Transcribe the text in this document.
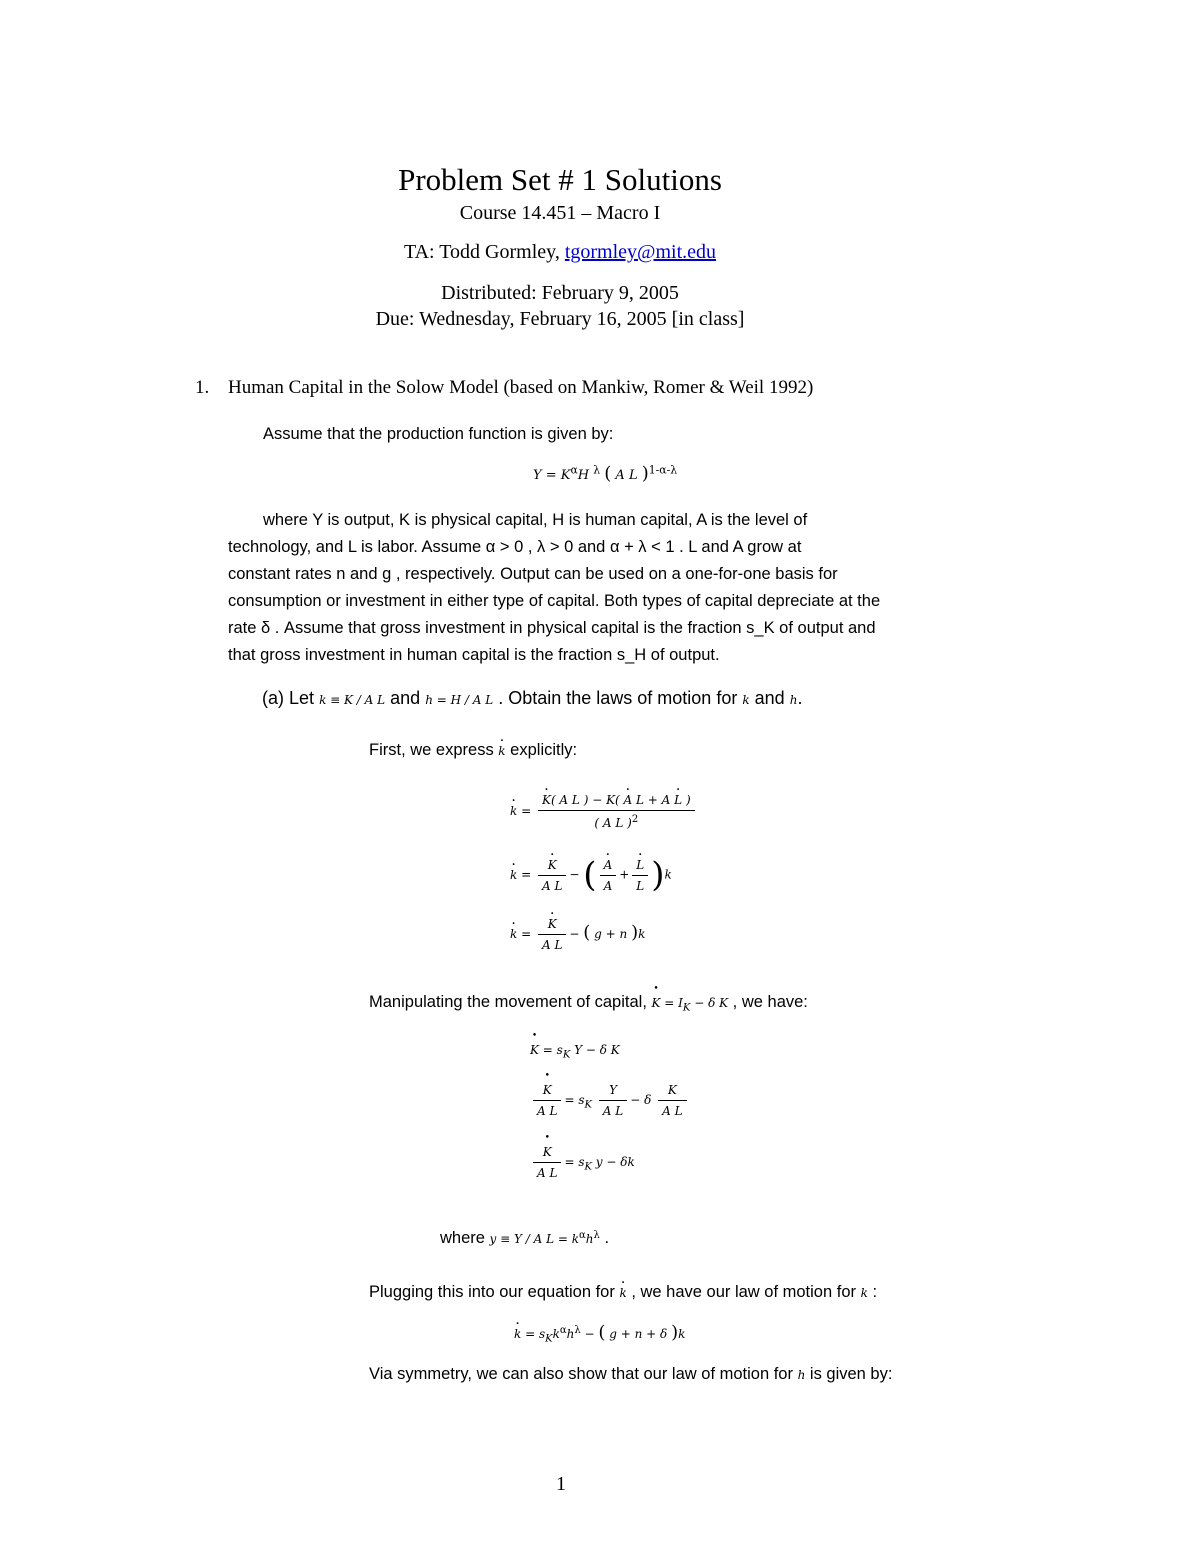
Problem Set # 1 Solutions
Course 14.451 – Macro I
TA: Todd Gormley, tgormley@mit.edu
Distributed: February 9, 2005
Due: Wednesday, February 16, 2005 [in class]
1. Human Capital in the Solow Model (based on Mankiw, Romer & Weil 1992)
Assume that the production function is given by:
$Y = K^\alpha H$ $^\lambda$ ( A L )$^{1-\alpha-\lambda}$
where Y is output, K is physical capital, H is human capital, A is the level of
technology, and L is labor. Assume α > 0 , λ > 0 and α + λ < 1 . L and A grow at
constant rates n and g , respectively. Output can be used on a one-for-one basis for
consumption or investment in either type of capital. Both types of capital depreciate at the
rate δ . Assume that gross investment in physical capital is the fraction s_K of output and
that gross investment in human capital is the fraction s_H of output.
(a) Let k ≡ K / A L and h = H / A L . Obtain the laws of motion for k and h.
First, we express k · explicitly:
k · = $\frac{\text{K ·( A L ) − K( A · L + A L · )}}{( A L )^2}$
k · = $\frac{K \cdot}{\text{A L}}$ − ( $\frac{A \cdot}{A} + \frac{L \cdot}{L} )k$
k · = $\frac{K \cdot}{\text{A L}}$ − ( g + n )k
Manipulating the movement of capital, K • = $I_K - \delta$ K , we have:
K • = $s_K$ Y − δ K
$\frac{K •}{\text{A L}} = s_K \frac{Y}{\text{A L}} - \delta \frac{K}{\text{A L}}$
$\frac{K •}{\text{A L}} = s_K$ y − δk
where y ≡ Y / A $L = k^\alpha h^\lambda$ .
Plugging this into our equation for k · , we have our law of motion for k :
k · = $s_Kk^\alpha h^\lambda$ − ( g + n + δ )k
Via symmetry, we can also show that our law of motion for h is given by:
1
